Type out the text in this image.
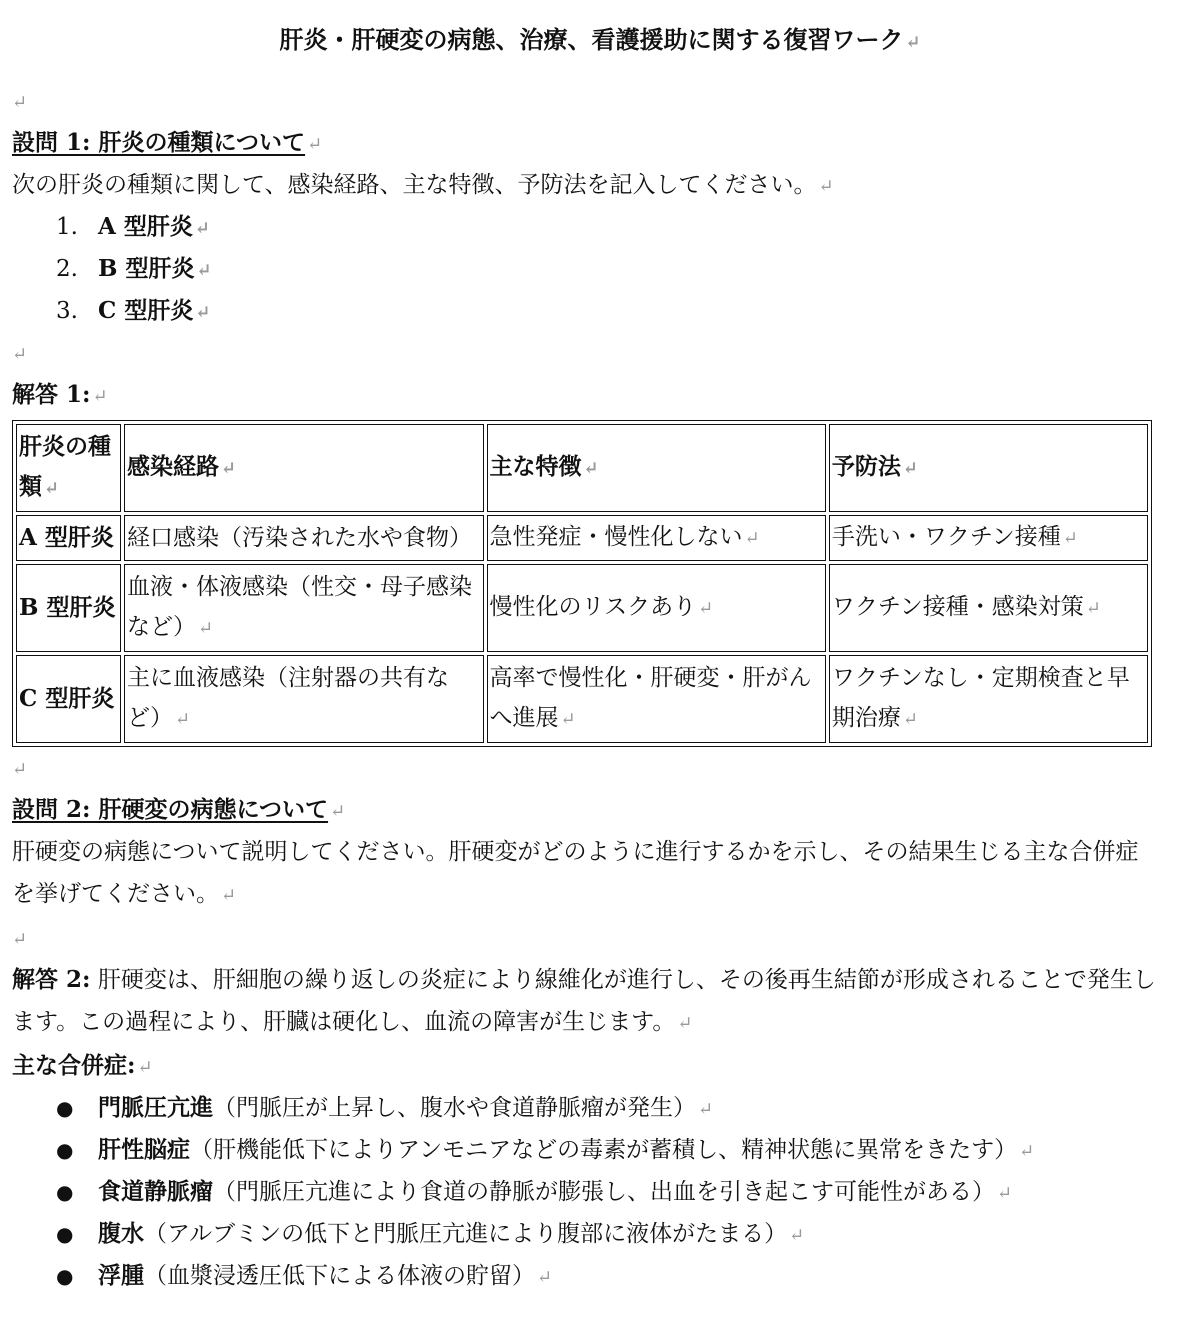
肝炎・肝硬変の病態、治療、看護援助に関する復習ワーク ↵
↵
設問 1: 肝炎の種類について ↵
次の肝炎の種類に関して、感染経路、主な特徴、予防法を記入してください。 ↵
1. A 型肝炎 ↵
2. B 型肝炎 ↵
3. C 型肝炎 ↵
↵
解答 1: ↵
肝炎の種類 ↵	感染経路 ↵	主な特徴 ↵	予防法 ↵
A 型肝炎	経口感染（汚染された水や食物）	急性発症・慢性化しない ↵	手洗い・ワクチン接種 ↵
B 型肝炎	血液・体液感染（性交・母子感染など） ↵	慢性化のリスクあり ↵	ワクチン接種・感染対策 ↵
C 型肝炎	主に血液感染（注射器の共有など） ↵	高率で慢性化・肝硬変・肝がんへ進展 ↵	ワクチンなし・定期検査と早期治療 ↵
↵
設問 2: 肝硬変の病態について ↵

肝硬変の病態について説明してください。肝硬変がどのように進行するかを示し、その結果生じる主な合併症を挙げてください。 ↵

↵

解答 2: 肝硬変は、肝細胞の繰り返しの炎症により線維化が進行し、その後再生結節が形成されることで発生します。この過程により、肝臓は硬化し、血流の障害が生じます。 ↵

主な合併症: ↵
● 門脈圧亢進（門脈圧が上昇し、腹水や食道静脈瘤が発生） ↵
● 肝性脳症（肝機能低下によりアンモニアなどの毒素が蓄積し、精神状態に異常をきたす） ↵
● 食道静脈瘤（門脈圧亢進により食道の静脈が膨張し、出血を引き起こす可能性がある） ↵
● 腹水（アルブミンの低下と門脈圧亢進により腹部に液体がたまる） ↵
● 浮腫（血漿浸透圧低下による体液の貯留） ↵
